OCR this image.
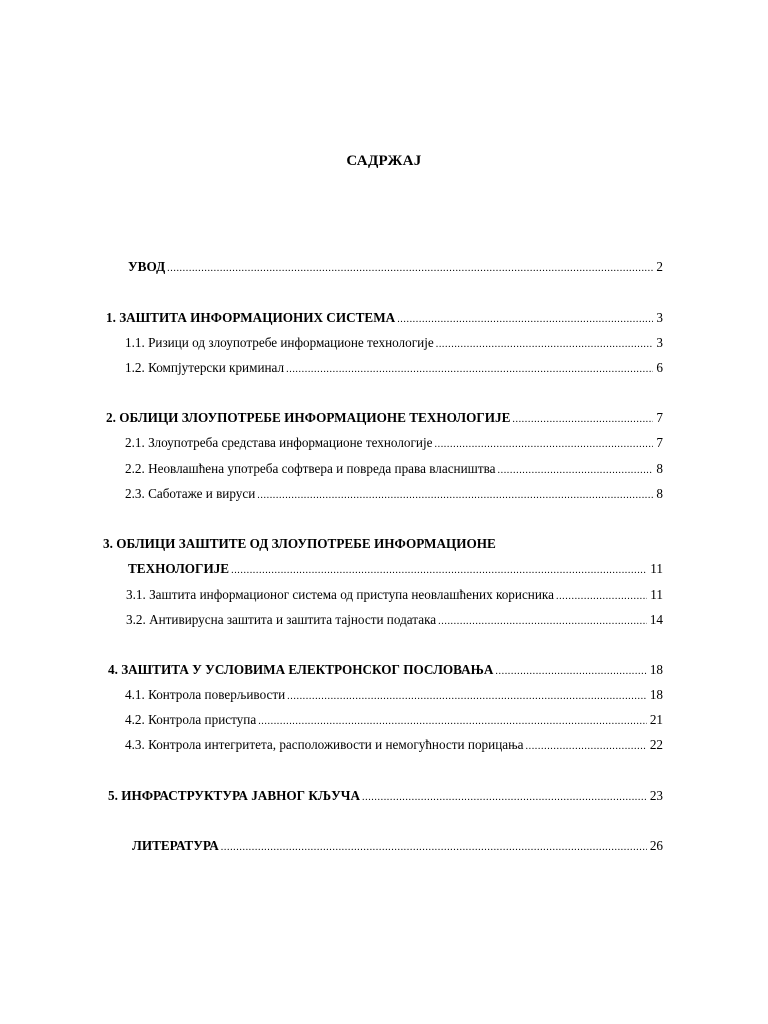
САДРЖАЈ
УВОД .....	2
1. ЗАШТИТА ИНФОРМАЦИОНИХ СИСТЕМА .....	3
1.1. Ризици од злоупотребе информационе технологије .....	3
1.2. Компјутерски криминал .....	6
2. ОБЛИЦИ ЗЛОУПОТРЕБЕ ИНФОРМАЦИОНЕ ТЕХНОЛОГИЈЕ .....	7
2.1. Злоупотреба средстава информационе технологије .....	7
2.2. Неовлашћена употреба софтвера и повреда права власништва .....	8
2.3. Саботаже и вируси .....	8
3. ОБЛИЦИ ЗАШТИТЕ ОД ЗЛОУПОТРЕБЕ ИНФОРМАЦИОНЕ
ТЕХНОЛОГИЈЕ .....	11
3.1. Заштита информационог система од приступа неовлашћених корисника .....	11
3.2. Антивирусна заштита и заштита тајности података .....	14
4. ЗАШТИТА У УСЛОВИМА ЕЛЕКТРОНСКОГ ПОСЛОВАЊА .....	18
4.1. Контрола поверљивости .....	18
4.2. Контрола приступа .....	21
4.3. Контрола интегритета, расположивости и немогућности порицања .....	22
5. ИНФРАСТРУКТУРА ЈАВНОГ КЉУЧА .....	23
ЛИТЕРАТУРА .....	26
